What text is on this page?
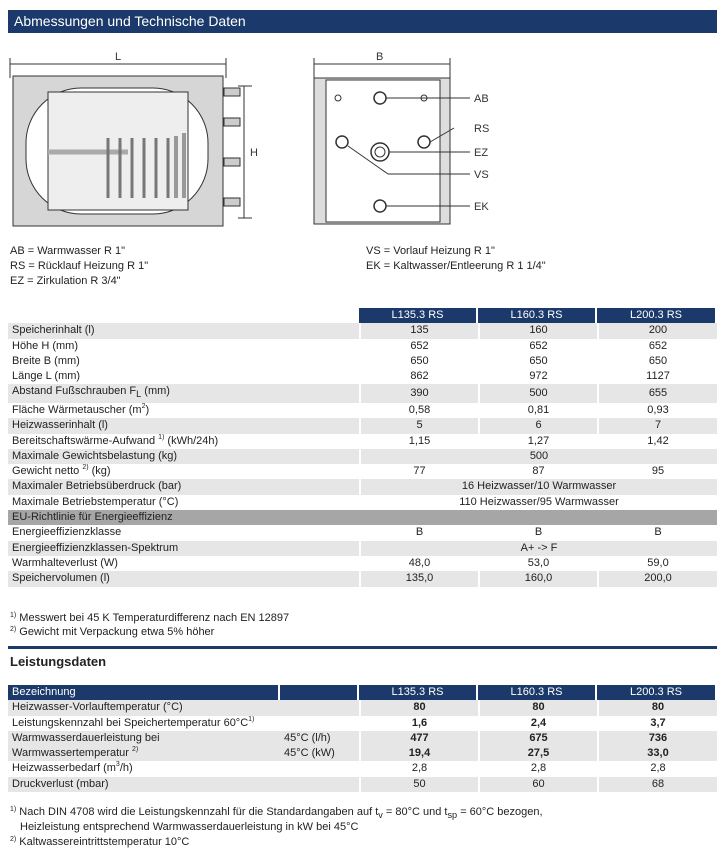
Abmessungen und Technische Daten
L	B
H
AB
RS
EZ
VS
EK
AB = Warmwasser R 1"
RS = Rücklauf Heizung R 1"
EZ = Zirkulation R 3/4"
VS = Vorlauf Heizung R 1"
EK = Kaltwasser/Entleerung R 1 1/4"
	L135.3 RS	L160.3 RS	L200.3 RS
Speicherinhalt (l)	135	160	200
Höhe H (mm)	652	652	652
Breite B (mm)	650	650	650
Länge L (mm)	862	972	1127
Abstand Fußschrauben $F_L$ (mm)	390	500	655
Fläche Wärmetauscher $(m^2)$	0,58	0,81	0,93
Heizwasserinhalt (l)	5	6	7
Bereitschaftswärme-Aufwand $^{1)}$ (kWh/24h)	1,15	1,27	1,42
Maximale Gewichtsbelastung (kg)	500		
Gewicht netto $^{2)}$ (kg)	77	87	95
Maximaler Betriebsüberdruck (bar)	16 Heizwasser/10 Warmwasser		
Maximale Betriebstemperatur (°C)	110 Heizwasser/95 Warmwasser		
EU-Richtlinie für Energieeffizienz			
Energieeffizienzklasse	B	B	B
Energieeffizienzklassen-Spektrum	A+ -> F		
Warmhalteverlust (W)	48,0	53,0	59,0
Speichervolumen (l)	135,0	160,0	200,0
$^{1)}$ Messwert bei 45 K Temperaturdifferenz nach EN 12897
$^{2)}$ Gewicht mit Verpackung etwa 5% höher
Leistungsdaten
Bezeichnung		L135.3 RS	L160.3 RS	L200.3 RS
Heizwasser-Vorlauftemperatur (°C)		80	80	80
Leistungskennzahl bei Speichertemperatur $60^\circ C^{1)}$		1,6	2,4	3,7
Warmwasserdauerleistung bei	45°C (l/h)	477	675	736
Warmwassertemperatur $^{2)}$	45°C (kW)	19,4	27,5	33,0
Heizwasserbedarf $(m^3/h)$		2,8	2,8	2,8
Druckverlust (mbar)		50	60	68
$^{1)}$ Nach DIN 4708 wird die Leistungskennzahl für die Standardangaben auf $t_v = 80^\circ C$ und $t_{sp} = 60^\circ C$ bezogen,
Heizleistung entsprechend Warmwasserdauerleistung in kW bei 45°C
$^{2)}$ Kaltwassereintrittstemperatur 10°C
